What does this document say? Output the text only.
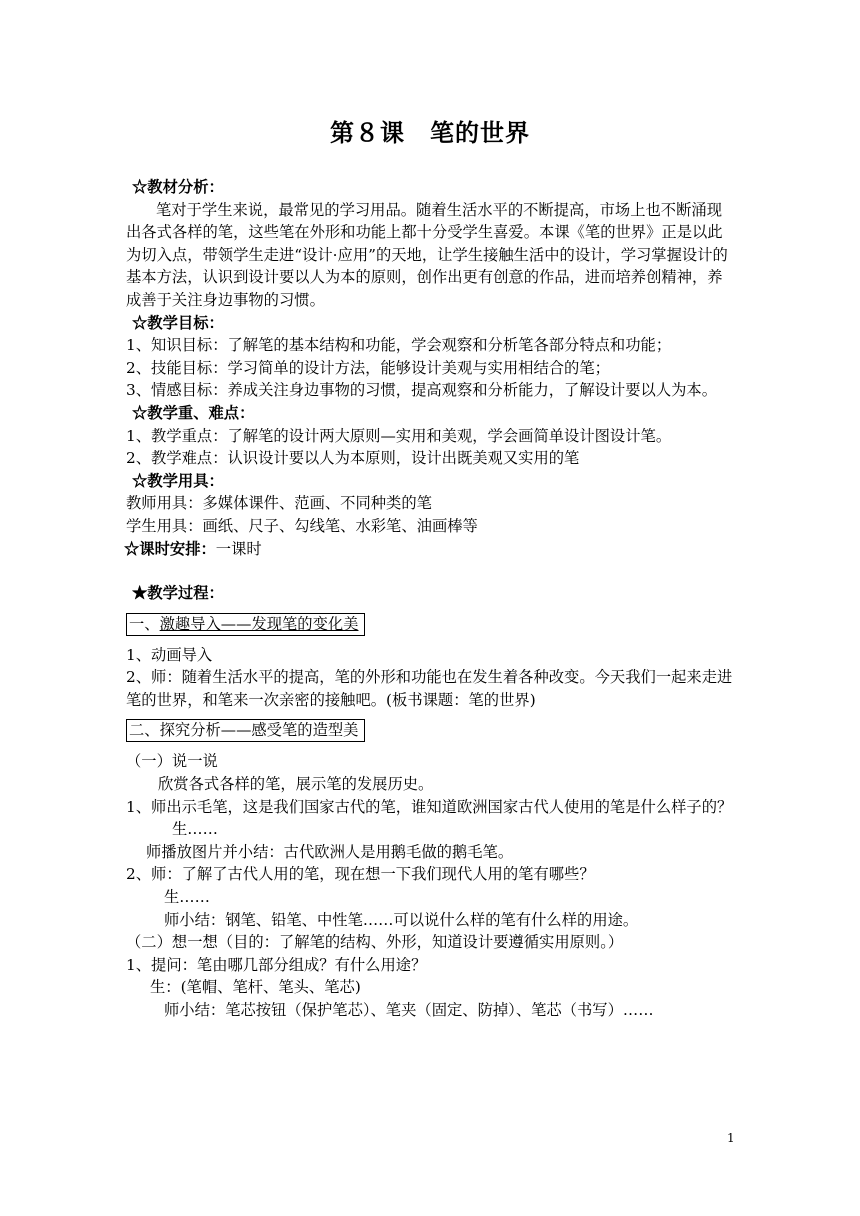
第８课　笔的世界

☆教材分析：

笔对于学生来说，最常见的学习用品。随着生活水平的不断提高，市场上也不断涌现出各式各样的笔，这些笔在外形和功能上都十分受学生喜爱。本课《笔的世界》正是以此为切入点，带领学生走进“设计·应用”的天地，让学生接触生活中的设计，学习掌握设计的基本方法，认识到设计要以人为本的原则，创作出更有创意的作品，进而培养创精神，养成善于关注身边事物的习惯。

☆教学目标：

1、知识目标：了解笔的基本结构和功能，学会观察和分析笔各部分特点和功能；

2、技能目标：学习简单的设计方法，能够设计美观与实用相结合的笔；

3、情感目标：养成关注身边事物的习惯，提高观察和分析能力，了解设计要以人为本。

☆教学重、难点：

1、教学重点：了解笔的设计两大原则—实用和美观，学会画简单设计图设计笔。

2、教学难点：认识设计要以人为本原则，设计出既美观又实用的笔

☆教学用具：

教师用具：多媒体课件、范画、不同种类的笔

学生用具：画纸、尺子、勾线笔、水彩笔、油画棒等

☆课时安排：一课时

★教学过程：

一、激趣导入——发现笔的变化美

1、动画导入

2、师：随着生活水平的提高，笔的外形和功能也在发生着各种改变。今天我们一起来走进笔的世界，和笔来一次亲密的接触吧。(板书课题：笔的世界)

二、探究分析——感受笔的造型美

（一）说一说

欣赏各式各样的笔，展示笔的发展历史。

1、师出示毛笔，这是我们国家古代的笔，谁知道欧洲国家古代人使用的笔是什么样子的？

生……

师播放图片并小结：古代欧洲人是用鹅毛做的鹅毛笔。

2、师：了解了古代人用的笔，现在想一下我们现代人用的笔有哪些？

生……

师小结：钢笔、铅笔、中性笔……可以说什么样的笔有什么样的用途。

（二）想一想（目的：了解笔的结构、外形，知道设计要遵循实用原则。）

1、提问：笔由哪几部分组成？有什么用途？

生：(笔帽、笔杆、笔头、笔芯)

师小结：笔芯按钮（保护笔芯）、笔夹（固定、防掉）、笔芯（书写）……

1
